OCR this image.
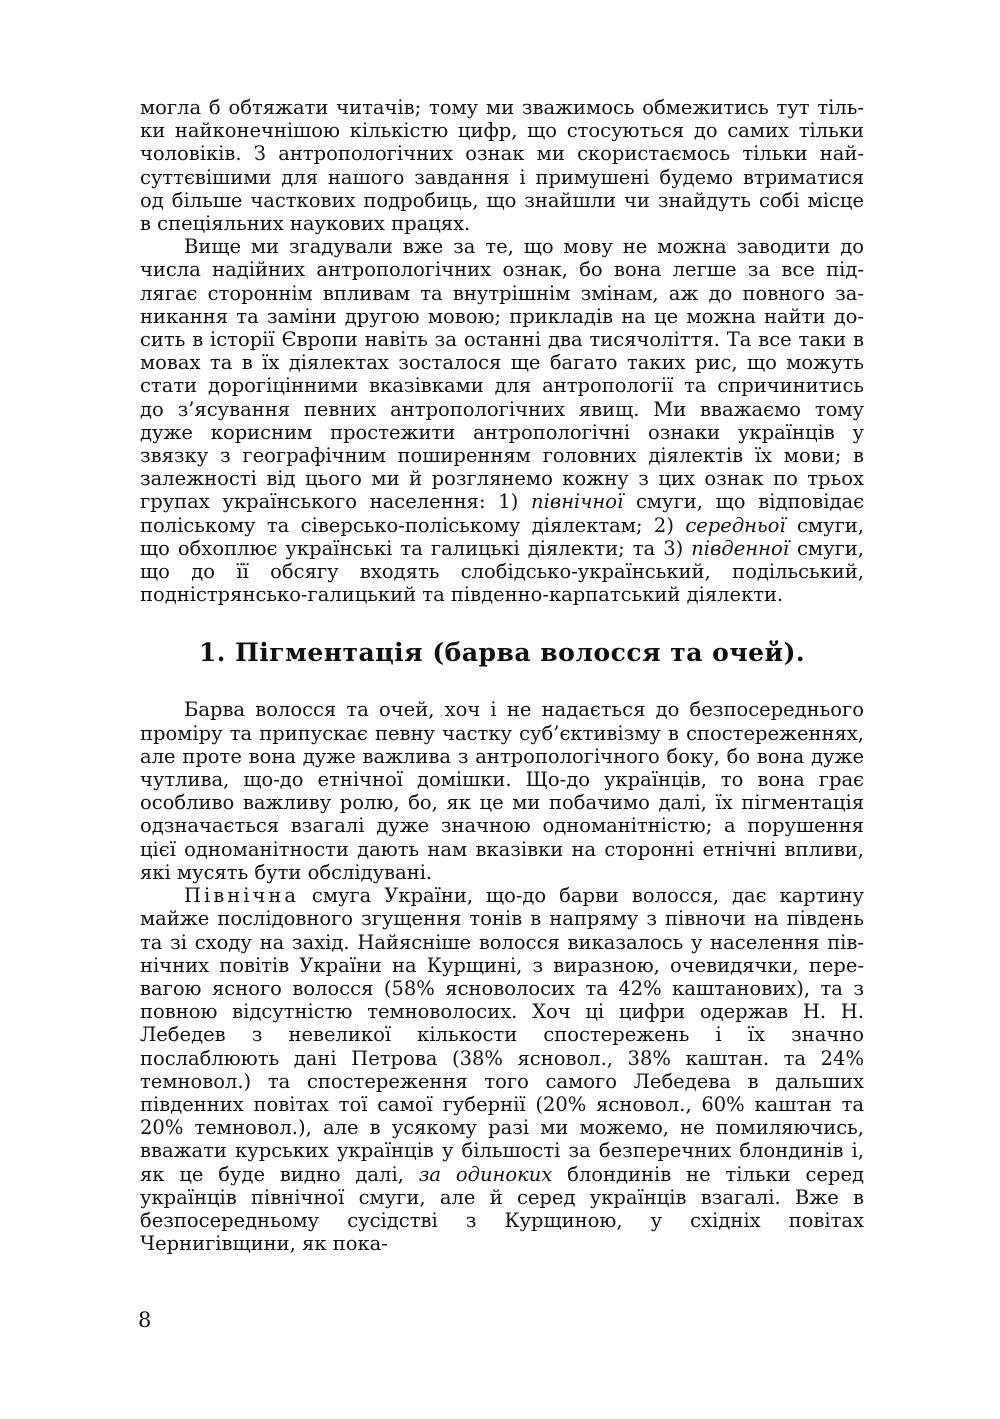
могла б обтяжати читачів; тому ми зважимось обмежитись тут тільки найконечнішою кількістю цифр, що стосуються до самих тільки чоловіків. З антропологічних ознак ми скористаємось тільки найсуттєвішими для нашого завдання і примушені будемо втриматися од більше часткових подробиць, що знайшли чи знайдуть собі місце в спеціяльних наукових працях.

Вище ми згадували вже за те, що мову не можна заводити до числа надійних антропологічних ознак, бо вона легше за все підлягає стороннім впливам та внутрішнім змінам, аж до повного заникання та заміни другою мовою; прикладів на це можна найти досить в історії Європи навіть за останні два тисячоліття. Та все таки в мовах та в їх діялектах зосталося ще багато таких рис, що можуть стати дорогіцінними вказівками для антропології та спричинитись до з’ясування певних антропологічних явищ. Ми вважаємо тому дуже корисним простежити антропологічні ознаки українців у звязку з географічним поширенням головних діялектів їх мови; в залежності від цього ми й розглянемо кожну з цих ознак по трьох групах українського населення: 1) північної смуги, що відповідає поліському та сіверсько-поліському діялектам; 2) середньої смуги, що обхоплює українські та галицькі діялекти; та 3) південної смуги, що до її обсягу входять слобідсько-український, подільський, подністрянсько-галицький та південно-карпатський діялекти.

1. Пігментація (барва волосся та очей).

Барва волосся та очей, хоч і не надається до безпосереднього проміру та припускає певну частку суб’єктивізму в спостереженнях, але проте вона дуже важлива з антропологічного боку, бо вона дуже чутлива, що-до етнічної домішки. Що-до українців, то вона грає особливо важливу ролю, бо, як це ми побачимо далі, їх пігментація одзначається взагалі дуже значною одноманітністю; а порушення цієї одноманітности дають нам вказівки на сторонні етнічні впливи, які мусять бути обслідувані.

Північна смуга України, що-до барви волосся, дає картину майже послідовного згущення тонів в напряму з півночи на південь та зі сходу на захід. Найясніше волосся виказалось у населення північних повітів України на Курщині, з виразною, очевидячки, перевагою ясного волосся (58% ясноволосих та 42% каштанових), та з повною відсутністю темноволосих. Хоч ці цифри одержав Н. Н. Лебедев з невеликої кількости спостережень і їх значно послаблюють дані Петрова (38% ясновол., 38% каштан. та 24% темновол.) та спостереження того самого Лебедева в дальших південних повітах тої самої губернії (20% ясновол., 60% каштан та 20% темновол.), але в усякому разі ми можемо, не помиляючись, вважати курських українців у більшості за безперечних блондинів і, як це буде видно далі, за одиноких блондинів не тільки серед українців північної смуги, але й серед українців взагалі. Вже в безпосередньому сусідстві з Курщиною, у східніх повітах Чернигівщини, як пока-

8
